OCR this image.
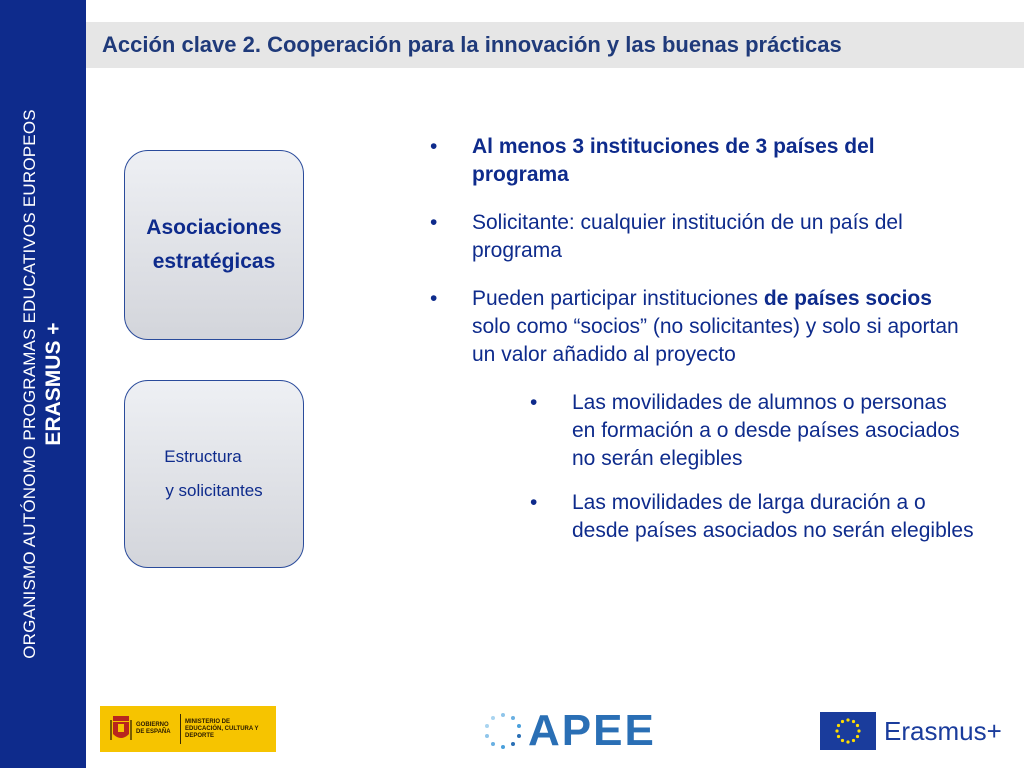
ORGANISMO AUTÓNOMO PROGRAMAS EDUCATIVOS EUROPEOS ERASMUS +
Acción clave 2. Cooperación para la innovación y las buenas prácticas
Asociaciones
estratégicas
Estructura
y solicitantes
•	Al menos 3 instituciones de 3 países del programa
•	Solicitante: cualquier institución de un país del programa
•	Pueden participar instituciones de países socios solo como “socios” (no solicitantes) y solo si aportan un valor añadido al proyecto
•	Las movilidades de alumnos o personas en formación a o desde países asociados no serán elegibles
•	Las movilidades de larga duración a o desde países asociados no serán elegibles
GOBIERNO DE ESPAÑA
MINISTERIO DE EDUCACIÓN, CULTURA Y DEPORTE	APEE	Erasmus+
